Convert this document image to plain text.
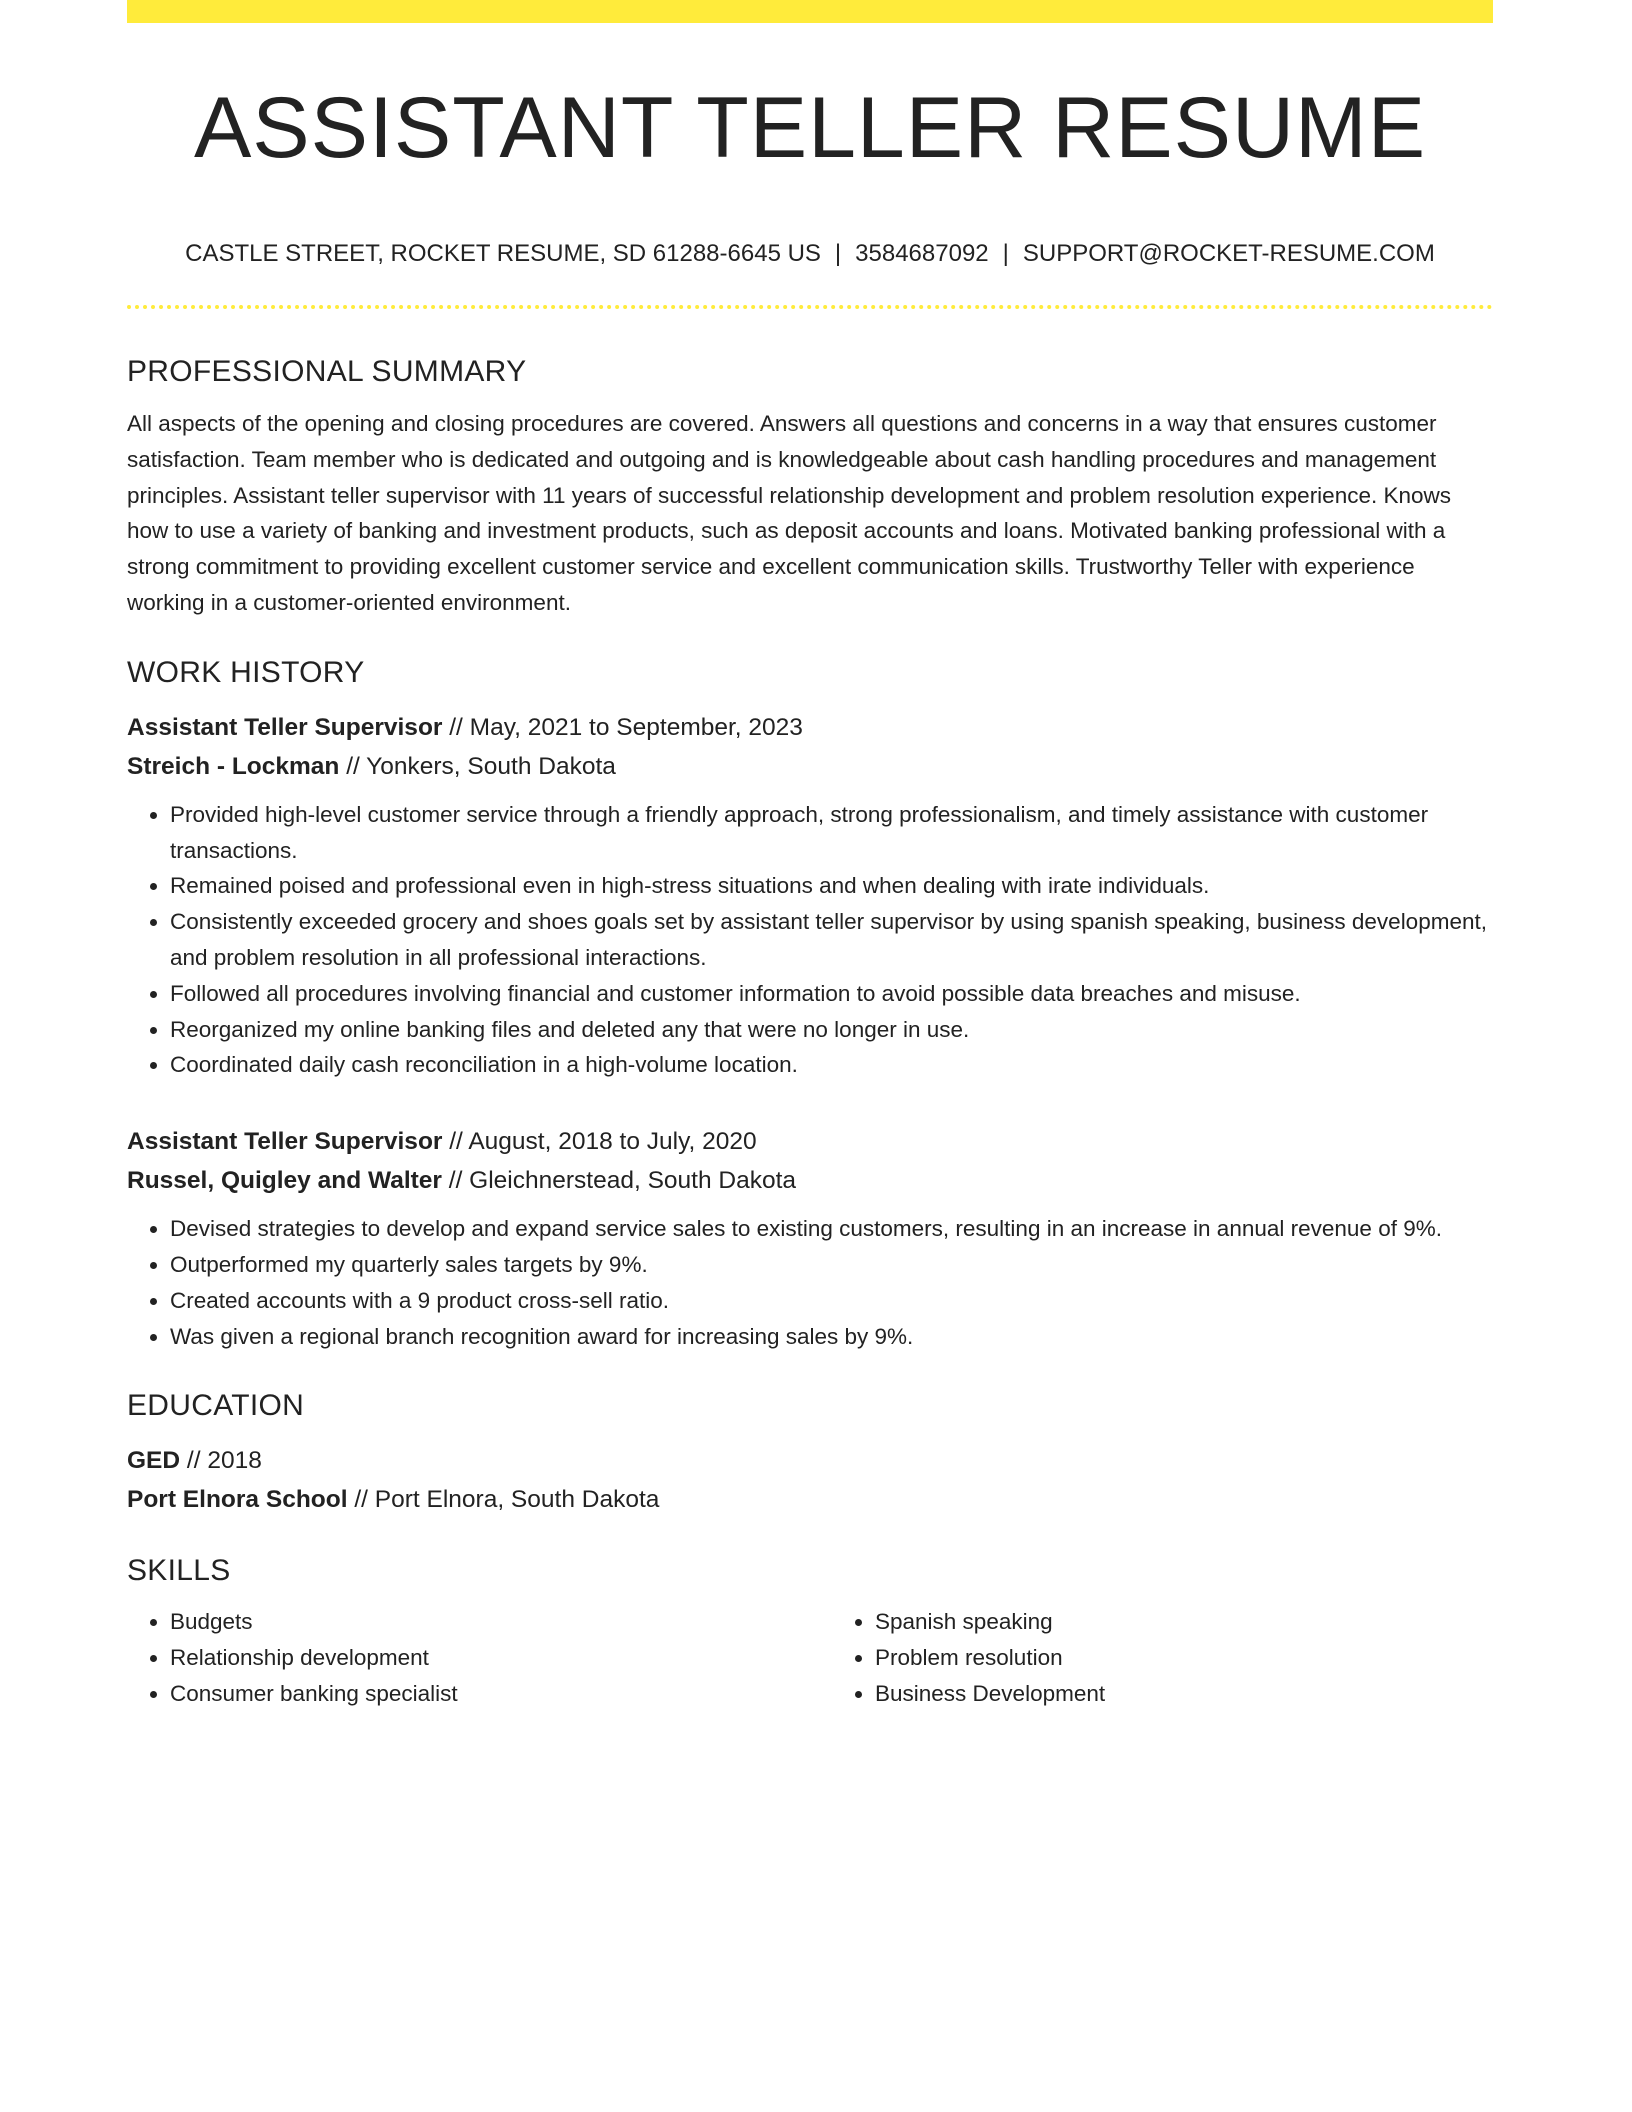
ASSISTANT TELLER RESUME
CASTLE STREET, ROCKET RESUME, SD 61288-6645 US | 3584687092 | SUPPORT@ROCKET-RESUME.COM
PROFESSIONAL SUMMARY

All aspects of the opening and closing procedures are covered. Answers all questions and concerns in a way that ensures customer satisfaction. Team member who is dedicated and outgoing and is knowledgeable about cash handling procedures and management principles. Assistant teller supervisor with 11 years of successful relationship development and problem resolution experience. Knows how to use a variety of banking and investment products, such as deposit accounts and loans. Motivated banking professional with a strong commitment to providing excellent customer service and excellent communication skills. Trustworthy Teller with experience working in a customer-oriented environment.

WORK HISTORY
Assistant Teller Supervisor // May, 2021 to September, 2023
Streich - Lockman // Yonkers, South Dakota
• Provided high-level customer service through a friendly approach, strong professionalism, and timely assistance with customer transactions.
• Remained poised and professional even in high-stress situations and when dealing with irate individuals.
• Consistently exceeded grocery and shoes goals set by assistant teller supervisor by using spanish speaking, business development, and problem resolution in all professional interactions.
• Followed all procedures involving financial and customer information to avoid possible data breaches and misuse.
• Reorganized my online banking files and deleted any that were no longer in use.
• Coordinated daily cash reconciliation in a high-volume location.
Assistant Teller Supervisor // August, 2018 to July, 2020
Russel, Quigley and Walter // Gleichnerstead, South Dakota
• Devised strategies to develop and expand service sales to existing customers, resulting in an increase in annual revenue of 9%.
• Outperformed my quarterly sales targets by 9%.
• Created accounts with a 9 product cross-sell ratio.
• Was given a regional branch recognition award for increasing sales by 9%.
EDUCATION
GED // 2018
Port Elnora School // Port Elnora, South Dakota
SKILLS
• Budgets
• Relationship development
• Consumer banking specialist
• Spanish speaking
• Problem resolution
• Business Development
